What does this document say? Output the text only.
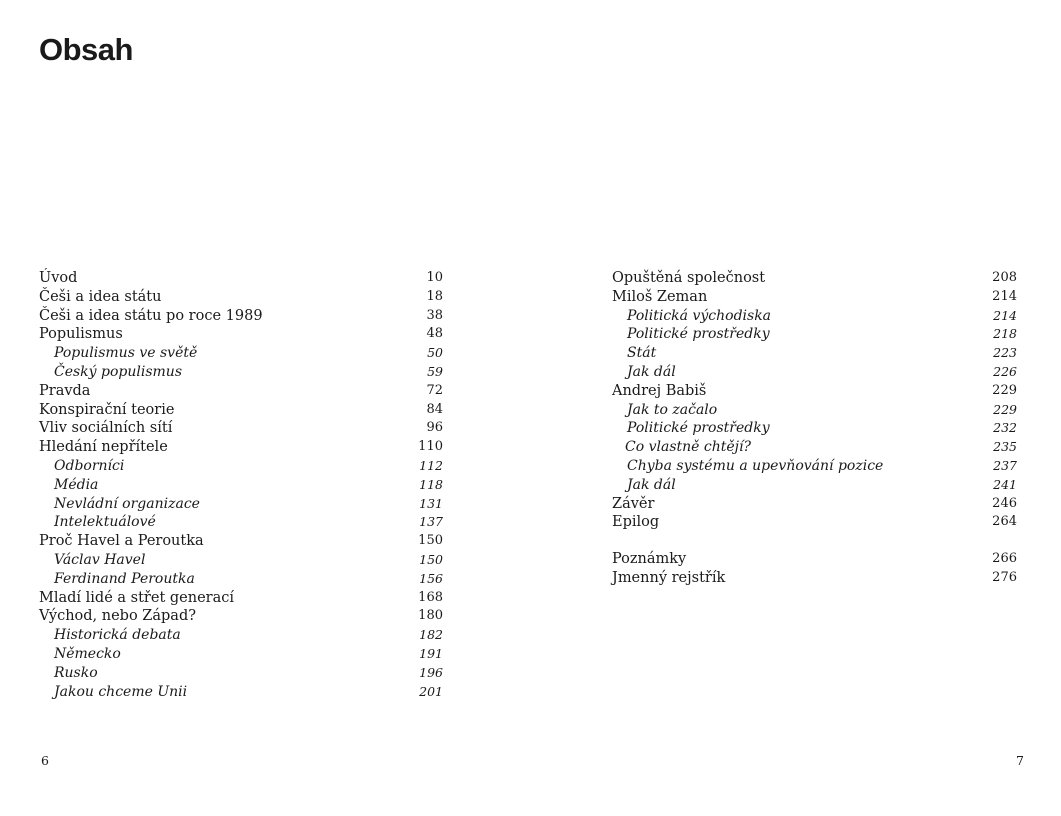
Obsah
Úvod	10
Češi a idea státu	18
Češi a idea státu po roce 1989	38
Populismus	48
Populismus ve světě	50
Český populismus	59
Pravda	72
Konspirační teorie	84
Vliv sociálních sítí	96
Hledání nepřítele	110
Odborníci	112
Média	118
Nevládní organizace	131
Intelektuálové	137
Proč Havel a Peroutka	150
Václav Havel	150
Ferdinand Peroutka	156
Mladí lidé a střet generací	168
Východ, nebo Západ?	180
Historická debata	182
Německo	191
Rusko	196
Jakou chceme Unii	201
Opuštěná společnost	208
Miloš Zeman	214
Politická východiska	214
Politické prostředky	218
Stát	223
Jak dál	226
Andrej Babiš	229
Jak to začalo	229
Politické prostředky	232
Co vlastně chtějí?	235
Chyba systému a upevňování pozice	237
Jak dál	241
Závěr	246
Epilog	264
Poznámky	266
Jmenný rejstřík	276
6	7
